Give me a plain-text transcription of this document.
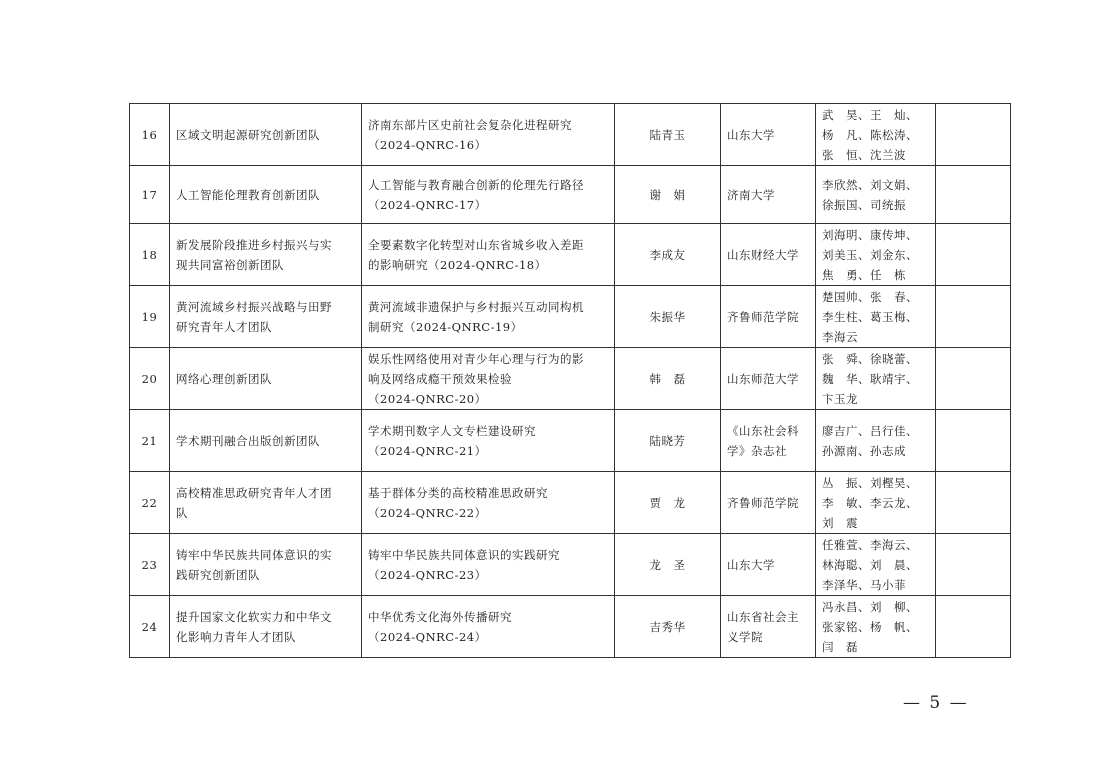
16	区域文明起源研究创新团队	济南东部片区史前社会复杂化进程研究
（2024-QNRC-16）	陆青玉	山东大学	武　昊、王　灿、
杨　凡、陈松涛、
张　恒、沈兰波	

17	人工智能伦理教育创新团队	人工智能与教育融合创新的伦理先行路径
（2024-QNRC-17）	谢　娟	济南大学	李欣然、刘文娟、
徐振国、司统振	

18	新发展阶段推进乡村振兴与实
现共同富裕创新团队	全要素数字化转型对山东省城乡收入差距
的影响研究（2024-QNRC-18）	李成友	山东财经大学	刘海明、康传坤、
刘美玉、刘金东、
焦　勇、任　栋	

19	黄河流域乡村振兴战略与田野
研究青年人才团队	黄河流域非遗保护与乡村振兴互动同构机
制研究（2024-QNRC-19）	朱振华	齐鲁师范学院	楚国帅、张　春、
李生柱、葛玉梅、
李海云	

20	网络心理创新团队	娱乐性网络使用对青少年心理与行为的影
响及网络成瘾干预效果检验
（2024-QNRC-20）	韩　磊	山东师范大学	张　舜、徐晓蕾、
魏　华、耿靖宇、
卞玉龙	

21	学术期刊融合出版创新团队	学术期刊数字人文专栏建设研究
（2024-QNRC-21）	陆晓芳	《山东社会科
学》杂志社	廖吉广、吕行佳、
孙源南、孙志成	

22	高校精准思政研究青年人才团
队	基于群体分类的高校精准思政研究
（2024-QNRC-22）	贾　龙	齐鲁师范学院	丛　振、刘樫昊、
李　敏、李云龙、
刘　震	

23	铸牢中华民族共同体意识的实
践研究创新团队	铸牢中华民族共同体意识的实践研究
（2024-QNRC-23）	龙　圣	山东大学	任雅萱、李海云、
林海聪、刘　晨、
李泽华、马小菲	

24	提升国家文化软实力和中华文
化影响力青年人才团队	中华优秀文化海外传播研究
（2024-QNRC-24）	吉秀华	山东省社会主
义学院	冯永昌、刘　柳、
张家铭、杨　帆、
闫　磊	

— 5 —
